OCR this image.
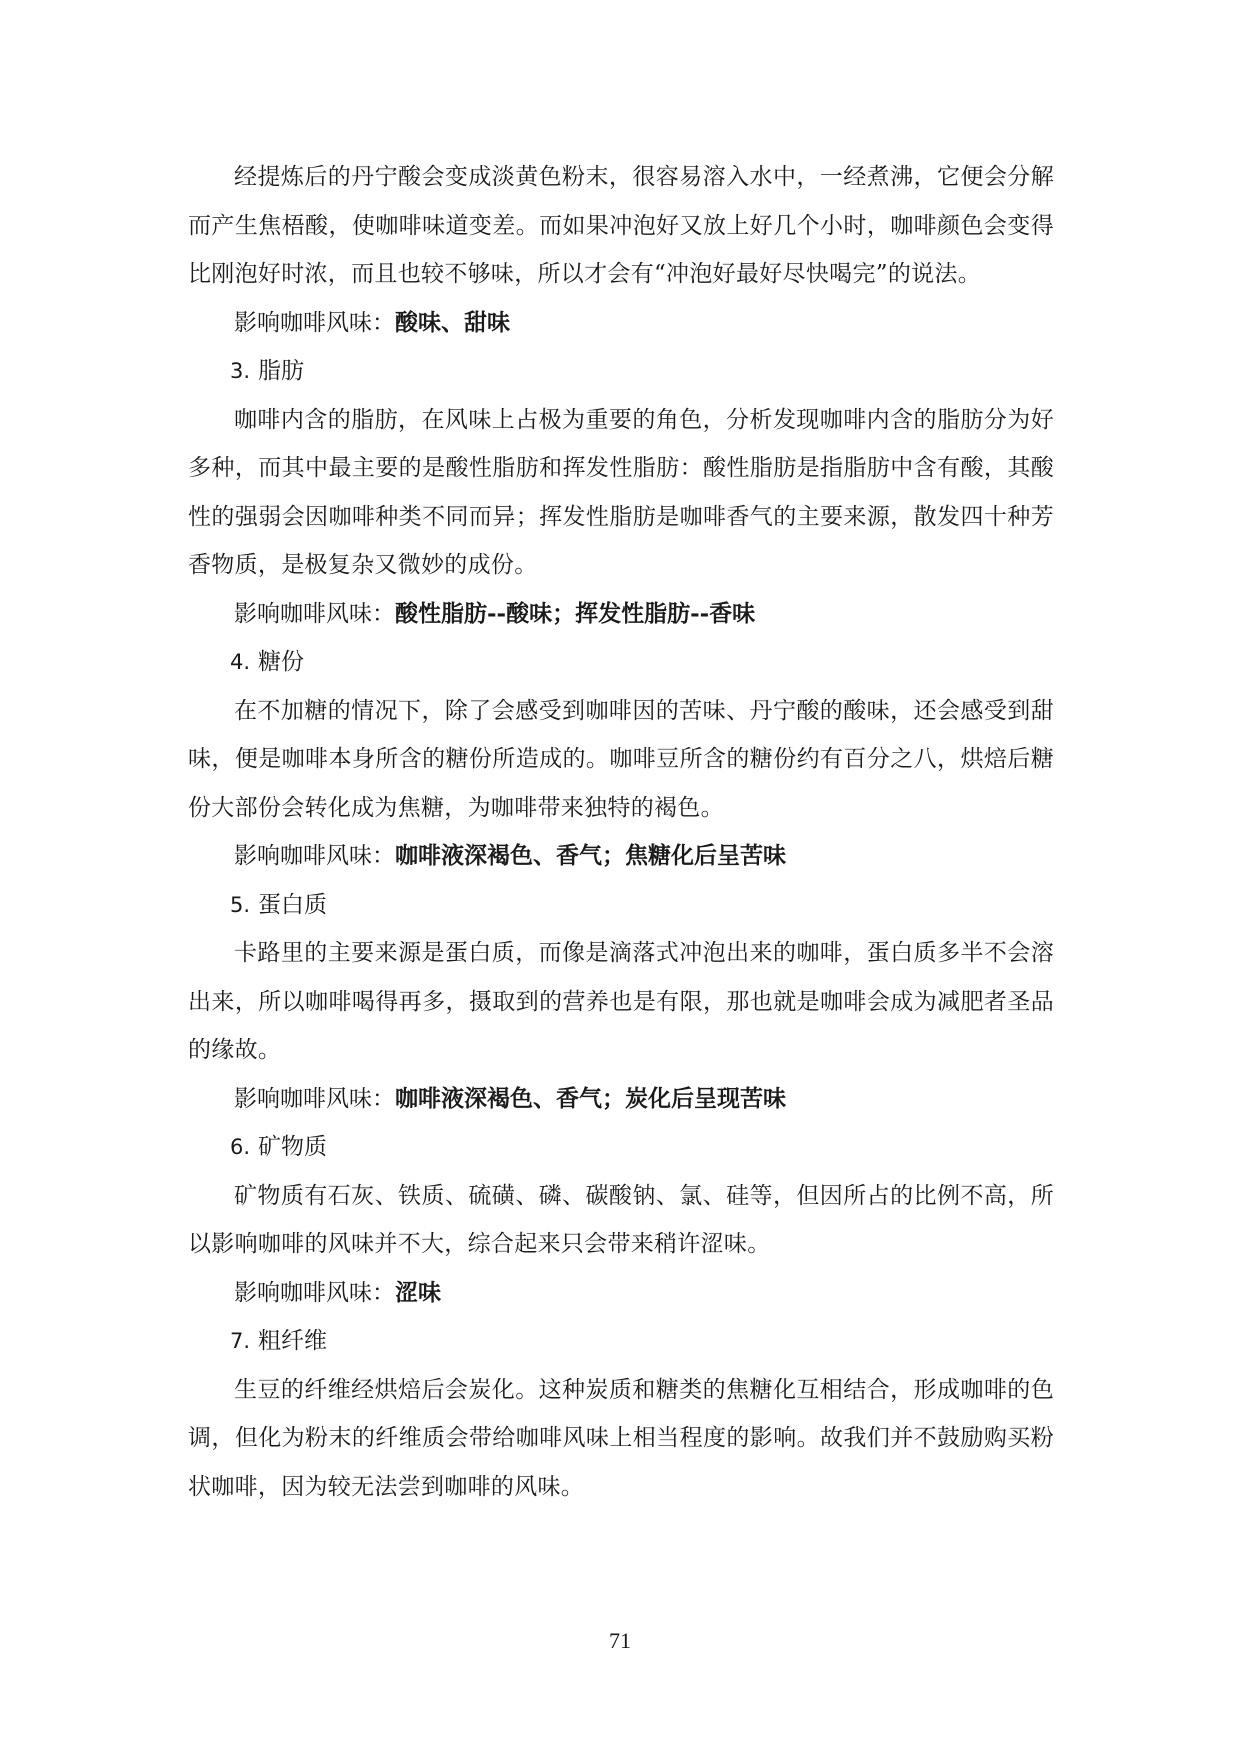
经提炼后的丹宁酸会变成淡黄色粉末，很容易溶入水中，一经煮沸，它便会分解而产生焦梧酸，使咖啡味道变差。而如果冲泡好又放上好几个小时，咖啡颜色会变得比刚泡好时浓，而且也较不够味，所以才会有“冲泡好最好尽快喝完”的说法。

影响咖啡风味：酸味、甜味

3. 脂肪

咖啡内含的脂肪，在风味上占极为重要的角色，分析发现咖啡内含的脂肪分为好多种，而其中最主要的是酸性脂肪和挥发性脂肪：酸性脂肪是指脂肪中含有酸，其酸性的强弱会因咖啡种类不同而异；挥发性脂肪是咖啡香气的主要来源，散发四十种芳香物质，是极复杂又微妙的成份。

影响咖啡风味：酸性脂肪--酸味；挥发性脂肪--香味

4. 糖份

在不加糖的情况下，除了会感受到咖啡因的苦味、丹宁酸的酸味，还会感受到甜味，便是咖啡本身所含的糖份所造成的。咖啡豆所含的糖份约有百分之八，烘焙后糖份大部份会转化成为焦糖，为咖啡带来独特的褐色。

影响咖啡风味：咖啡液深褐色、香气；焦糖化后呈苦味

5. 蛋白质

卡路里的主要来源是蛋白质，而像是滴落式冲泡出来的咖啡，蛋白质多半不会溶出来，所以咖啡喝得再多，摄取到的营养也是有限，那也就是咖啡会成为减肥者圣品的缘故。

影响咖啡风味：咖啡液深褐色、香气；炭化后呈现苦味

6. 矿物质

矿物质有石灰、铁质、硫磺、磷、碳酸钠、氯、硅等，但因所占的比例不高，所以影响咖啡的风味并不大，综合起来只会带来稍许涩味。

影响咖啡风味：涩味

7. 粗纤维

生豆的纤维经烘焙后会炭化。这种炭质和糖类的焦糖化互相结合，形成咖啡的色调，但化为粉末的纤维质会带给咖啡风味上相当程度的影响。故我们并不鼓励购买粉状咖啡，因为较无法尝到咖啡的风味。

71
